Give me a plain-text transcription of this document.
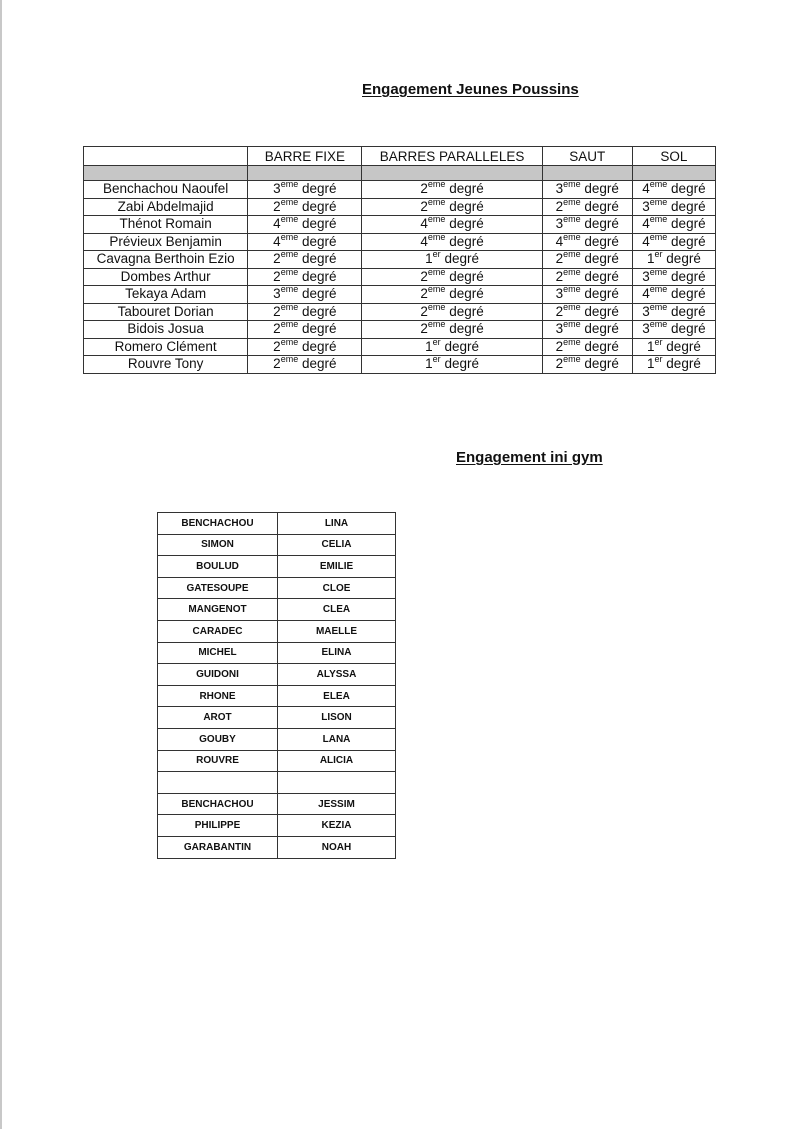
Engagement Jeunes Poussins
	BARRE FIXE	BARRES PARALLELES	SAUT	SOL

Benchachou Naoufel	3eme degré	2eme degré	3eme degré	4eme degré
Zabi Abdelmajid	2eme degré	2eme degré	2eme degré	3eme degré
Thénot Romain	4eme degré	4eme degré	3eme degré	4eme degré
Prévieux Benjamin	4eme degré	4eme degré	4eme degré	4eme degré
Cavagna Berthoin Ezio	2eme degré	1er degré	2eme degré	1er degré
Dombes Arthur	2eme degré	2eme degré	2eme degré	3eme degré
Tekaya Adam	3eme degré	2eme degré	3eme degré	4eme degré
Tabouret Dorian	2eme degré	2eme degré	2eme degré	3eme degré
Bidois Josua	2eme degré	2eme degré	3eme degré	3eme degré
Romero Clément	2eme degré	1er degré	2eme degré	1er degré
Rouvre Tony	2eme degré	1er degré	2eme degré	1er degré
Engagement ini gym
BENCHACHOU	LINA
SIMON	CELIA
BOULUD	EMILIE
GATESOUPE	CLOE
MANGENOT	CLEA
CARADEC	MAELLE
MICHEL	ELINA
GUIDONI	ALYSSA
RHONE	ELEA
AROT	LISON
GOUBY	LANA
ROUVRE	ALICIA

BENCHACHOU	JESSIM
PHILIPPE	KEZIA
GARABANTIN	NOAH
